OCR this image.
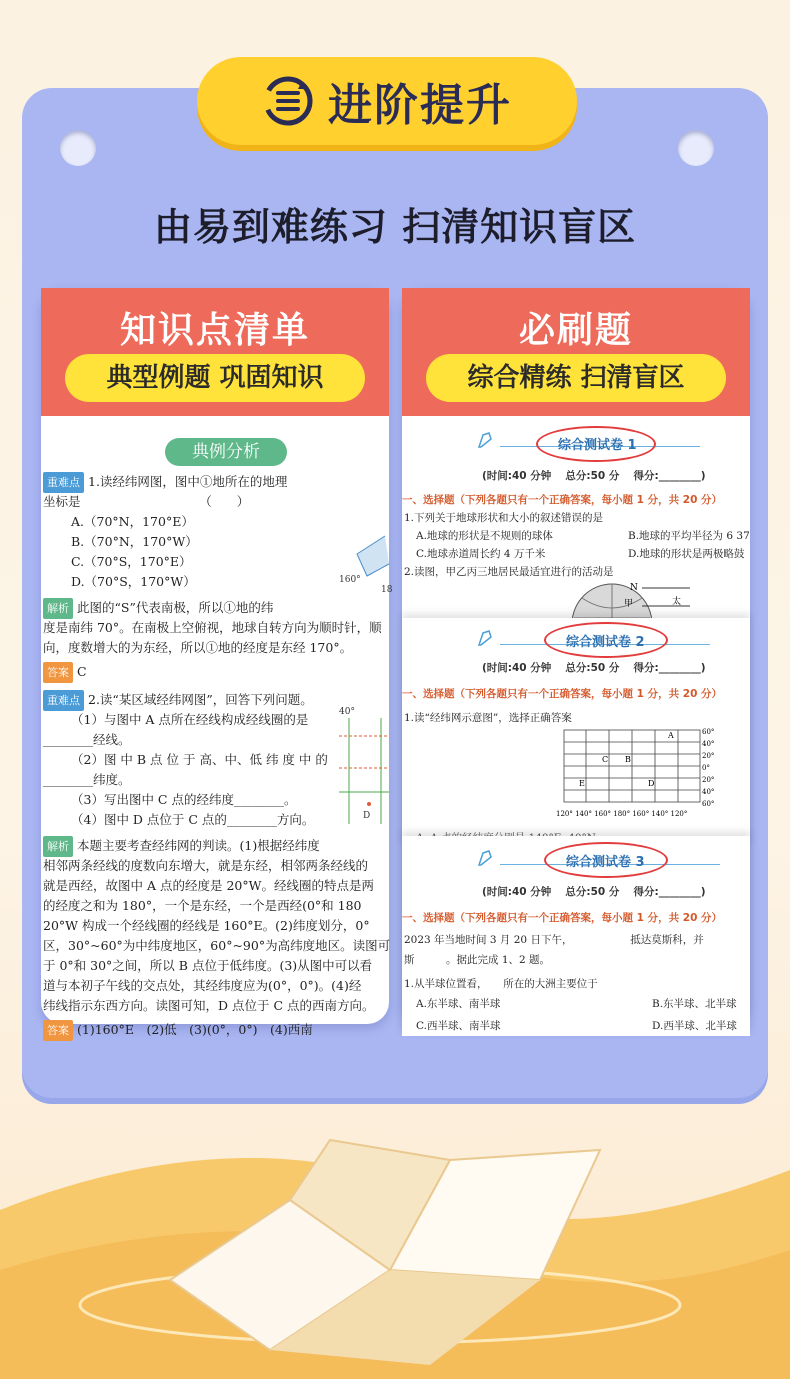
进阶提升
由易到难练习 扫清知识盲区
知识点清单
典型例题 巩固知识
典例分析
重难点 1.读经纬网图，图中①地所在的地理
坐标是　　　　　　　　　　（　　）
A.（70°N，170°E）
B.（70°N，170°W）
C.（70°S，170°E）
D.（70°S，170°W）	160°
18
解析 此图的“S”代表南极，所以①地的纬
度是南纬 70°。在南极上空俯视，地球自转方向为顺时针，顺
向，度数增大的为东经，所以①地的经度是东经 170°。
答案 C
重难点 2.读“某区域经纬网图”，回答下列问题。
（1）与图中 A 点所在经线构成经线圈的是
________经线。
（2）图 中 B 点 位 于 高、中、低 纬 度 中 的
________纬度。
（3）写出图中 C 点的经纬度________。
（4）图中 D 点位于 C 点的________方向。
40°
D
解析 本题主要考查经纬网的判读。(1)根据经纬度
相邻两条经线的度数向东增大，就是东经，相邻两条经线的
就是西经，故图中 A 点的经度是 20°W。经线圈的特点是两
的经度之和为 180°，一个是东经，一个是西经(0°和 180
20°W 构成一个经线圈的经线是 160°E。(2)纬度划分，0°
区，30°~60°为中纬度地区，60°~90°为高纬度地区。读图可
于 0°和 30°之间，所以 B 点位于低纬度。(3)从图中可以看
道与本初子午线的交点处，其经纬度应为(0°，0°)。(4)经
纬线指示东西方向。读图可知，D 点位于 C 点的西南方向。
答案 (1)160°E　(2)低　(3)(0°，0°)　(4)西南
必刷题
综合精练 扫清盲区
综合测试卷 1
(时间:40 分钟　 总分:50 分　 得分:________)
一、选择题（下列各题只有一个正确答案，每小题 1 分，共 20 分）
1.下列关于地球形状和大小的叙述错误的是
A.地球的形状是不规则的球体	B.地球的平均半径为 6 37
C.地球赤道周长约 4 万千米	D.地球的形状是两极略鼓
2.读图，甲乙丙三地居民最适宜进行的活动是
N
甲	太
综合测试卷 2
(时间:40 分钟　 总分:50 分　 得分:________)
一、选择题（下列各题只有一个正确答案，每小题 1 分，共 20 分）
1.读“经纬网示意图”，选择正确答案
A
C B
E	D
60°
40°
20°
0°
20°
40°
60°
120° 140° 160° 180° 160° 140° 120°
综合测试卷 3
(时间:40 分钟　 总分:50 分　 得分:________)
一、选择题（下列各题只有一个正确答案，每小题 1 分，共 20 分）
2023 年当地时间 3 月 20 日下午，　　　　　　抵达莫斯科，并
斯　　　。据此完成 1、2 题。
1.从半球位置看，　　所在的大洲主要位于
A.东半球、南半球	B.东半球、北半球
C.西半球、南半球	D.西半球、北半球
